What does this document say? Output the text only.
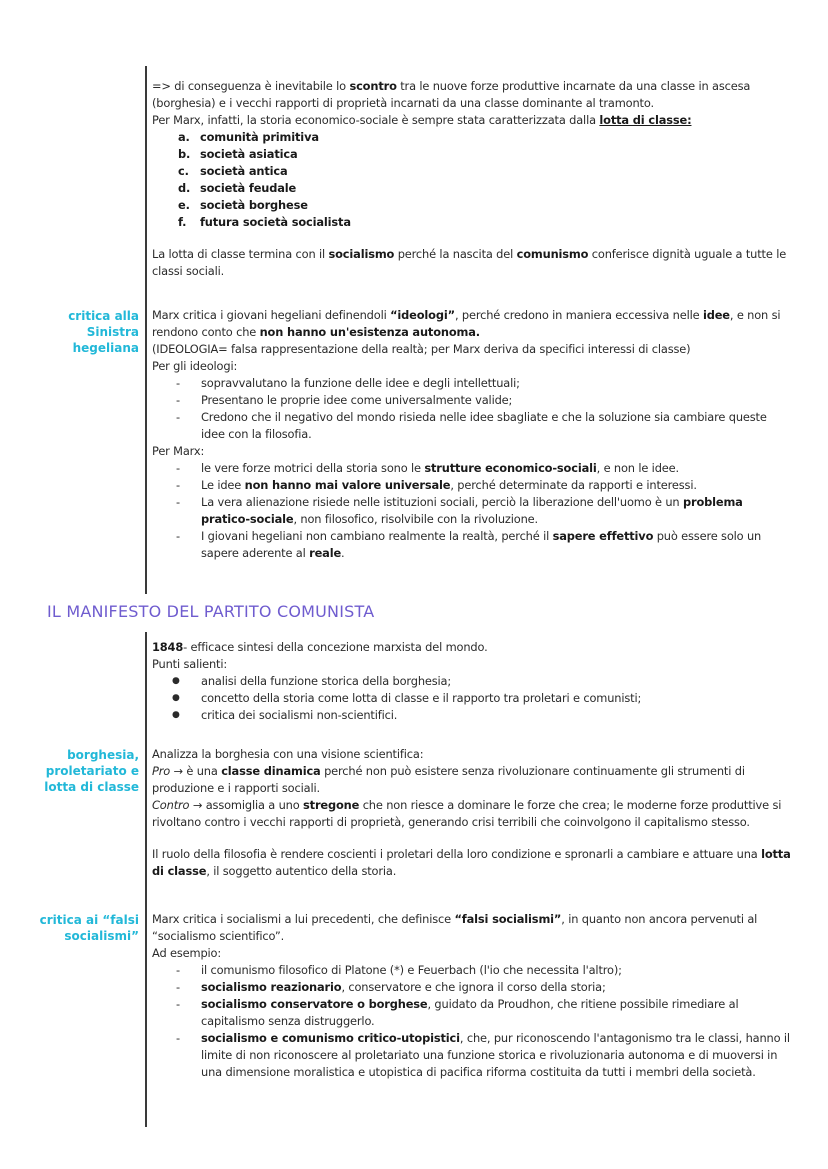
=> di conseguenza è inevitabile lo scontro tra le nuove forze produttive incarnate da una classe in ascesa (borghesia) e i vecchi rapporti di proprietà incarnati da una classe dominante al tramonto.

Per Marx, infatti, la storia economico-sociale è sempre stata caratterizzata dalla lotta di classe:

a. comunità primitiva
b. società asiatica
c. società antica
d. società feudale
e. società borghese
f. futura società socialista

La lotta di classe termina con il socialismo perché la nascita del comunismo conferisce dignità uguale a tutte le classi sociali.

critica alla
Sinistra
hegeliana

Marx critica i giovani hegeliani definendoli “ideologi”, perché credono in maniera eccessiva nelle idee, e non si rendono conto che non hanno un'esistenza autonoma.

(IDEOLOGIA= falsa rappresentazione della realtà; per Marx deriva da specifici interessi di classe)

Per gli ideologi:

- sopravvalutano la funzione delle idee e degli intellettuali;
- Presentano le proprie idee come universalmente valide;
- Credono che il negativo del mondo risieda nelle idee sbagliate e che la soluzione sia cambiare queste idee con la filosofia.

Per Marx:

- le vere forze motrici della storia sono le strutture economico-sociali, e non le idee.
- Le idee non hanno mai valore universale, perché determinate da rapporti e interessi.
- La vera alienazione risiede nelle istituzioni sociali, perciò la liberazione dell'uomo è un problema pratico-sociale, non filosofico, risolvibile con la rivoluzione.
- I giovani hegeliani non cambiano realmente la realtà, perché il sapere effettivo può essere solo un sapere aderente al reale.
IL MANIFESTO DEL PARTITO COMUNISTA

1848- efficace sintesi della concezione marxista del mondo.

Punti salienti:

● analisi della funzione storica della borghesia;
● concetto della storia come lotta di classe e il rapporto tra proletari e comunisti;
● critica dei socialismi non-scientifici.
borghesia,
proletariato e
lotta di classe

Analizza la borghesia con una visione scientifica:

Pro → è una classe dinamica perché non può esistere senza rivoluzionare continuamente gli strumenti di produzione e i rapporti sociali.

Contro → assomiglia a uno stregone che non riesce a dominare le forze che crea; le moderne forze produttive si rivoltano contro i vecchi rapporti di proprietà, generando crisi terribili che coinvolgono il capitalismo stesso.

Il ruolo della filosofia è rendere coscienti i proletari della loro condizione e spronarli a cambiare e attuare una lotta di classe, il soggetto autentico della storia.

critica ai “falsi
socialismi”

Marx critica i socialismi a lui precedenti, che definisce “falsi socialismi”, in quanto non ancora pervenuti al “socialismo scientifico”.

Ad esempio:

- il comunismo filosofico di Platone (*) e Feuerbach (l'io che necessita l'altro);
- socialismo reazionario, conservatore e che ignora il corso della storia;
- socialismo conservatore o borghese, guidato da Proudhon, che ritiene possibile rimediare al capitalismo senza distruggerlo.
- socialismo e comunismo critico-utopistici, che, pur riconoscendo l'antagonismo tra le classi, hanno il limite di non riconoscere al proletariato una funzione storica e rivoluzionaria autonoma e di muoversi in una dimensione moralistica e utopistica di pacifica riforma costituita da tutti i membri della società.
